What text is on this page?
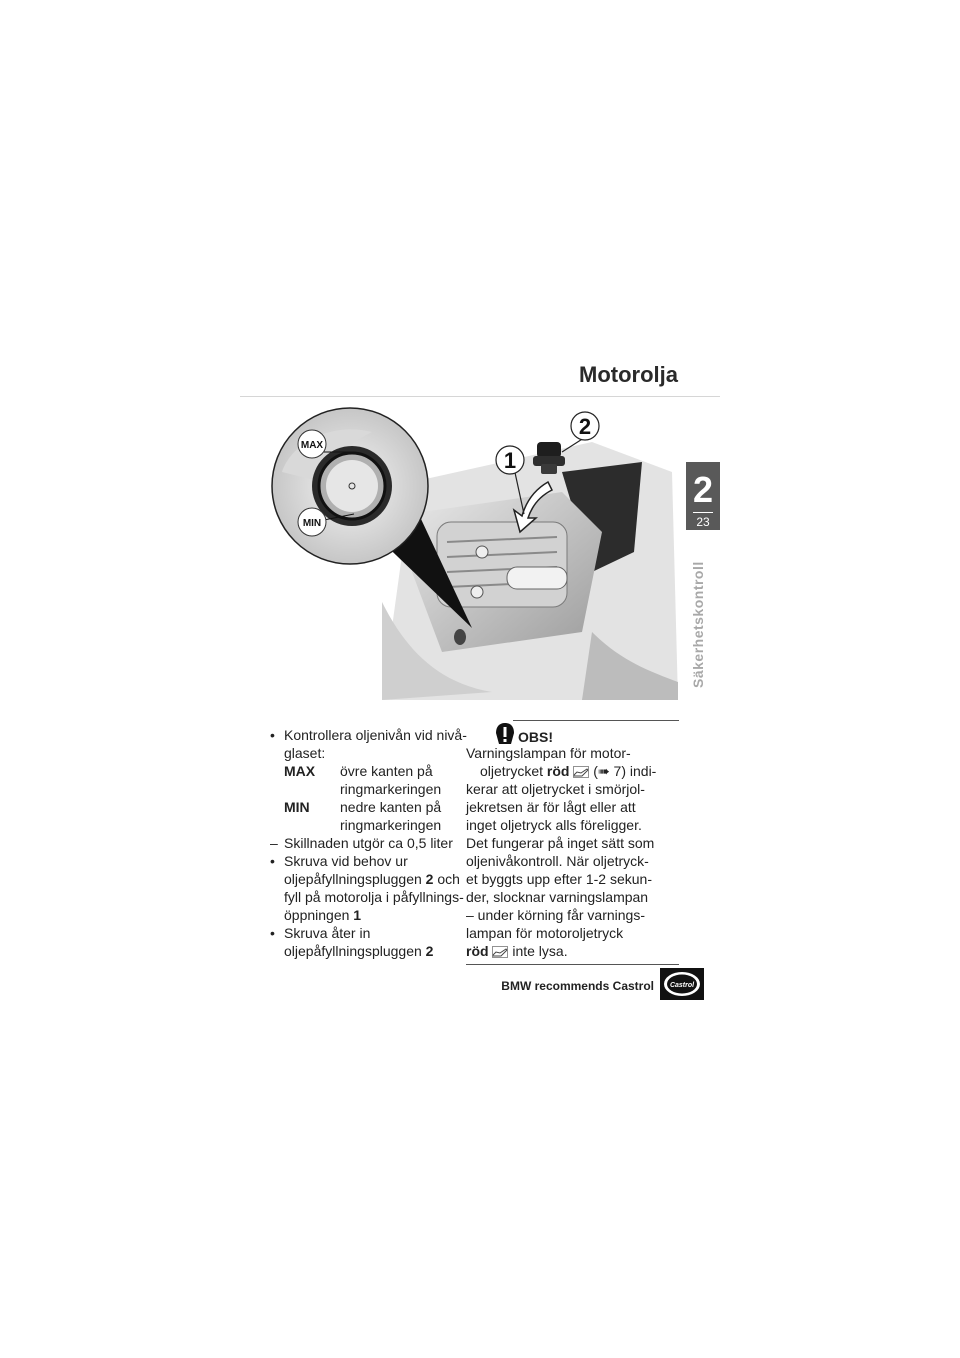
Motorolja
MAX
MIN
2
1
2
23
Säkerhetskontroll
• Kontrollera oljenivån vid nivå-
glaset:
MAX	övre kanten på
ringmarkeringen
MIN	nedre kanten på
ringmarkeringen
– Skillnaden utgör ca 0,5 liter
• Skruva vid behov ur
oljepåfyllningspluggen 2 och
fyll på motorolja i påfyllnings-
öppningen 1
• Skruva åter in
oljepåfyllningspluggen 2
OBS!
Varningslampan för motor-
oljetrycket röd (➠ 7) indi-
kerar att oljetrycket i smörjol-
jekretsen är för lågt eller att
inget oljetryck alls föreligger.
Det fungerar på inget sätt som
oljenivåkontroll. När oljetryck-
et byggts upp efter 1-2 sekun-
der, slocknar varningslampan
– under körning får varnings-
lampan för motoroljetryck
röd inte lysa.
BMW recommends Castrol Castrol
